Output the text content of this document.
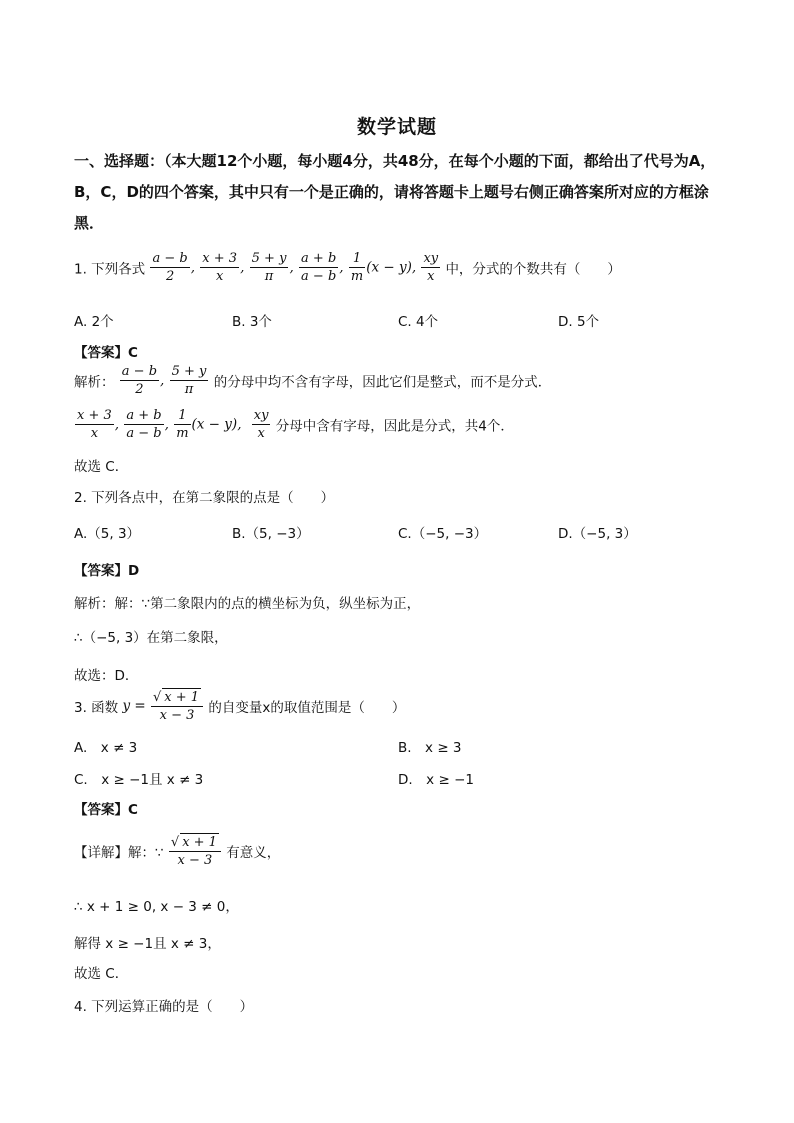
数学试题
一、选择题：（本大题12个小题，每小题4分，共48分，在每个小题的下面，都给出了代号为A，B，C，D的四个答案，其中只有一个是正确的，请将答题卡上题号右侧正确答案所对应的方框涂黑．
1. 下列各式 $\frac{a - b}{2}$ , $\frac{x + 3}{x}$ , $\frac{5 + y}{\pi}$ , $\frac{a + b}{a - b}$ , $\frac{1}{m} (x - y)$, $\frac{xy}{x}$ 中，分式的个数共有（　　）
A. 2个	B. 3个	C. 4个	D. 5个
【答案】C
解析： $\frac{a - b}{2}$ , $\frac{5 + y}{\pi}$ 的分母中均不含有字母，因此它们是整式，而不是分式．
$\frac{x + 3}{x}$ , $\frac{a + b}{a - b}$ , $\frac{1}{m} (x - y)$, $\frac{xy}{x}$ 分母中含有字母，因此是分式，共4个．
故选 C．
2. 下列各点中，在第二象限的点是（　　）
A.（5, 3）	B.（5, −3）	C.（−5, −3）	D.（−5, 3）
【答案】D
解析：解：∵第二象限内的点的横坐标为负，纵坐标为正，
∴（−5, 3）在第二象限，
故选：D．
3. 函数 $y = \frac{√ x + 1}{x - 3}$ 的自变量x的取值范围是（　　）
A.　x ≠ 3	B.　x ≥ 3
C.　x ≥ −1且 x ≠ 3	D.　x ≥ −1
【答案】C
【详解】解：∵ $\frac{√ x + 1}{x - 3}$ 有意义，
∴ x + 1 ≥ 0, x − 3 ≠ 0，
解得 x ≥ −1且 x ≠ 3，
故选 C．
4. 下列运算正确的是（　　）
